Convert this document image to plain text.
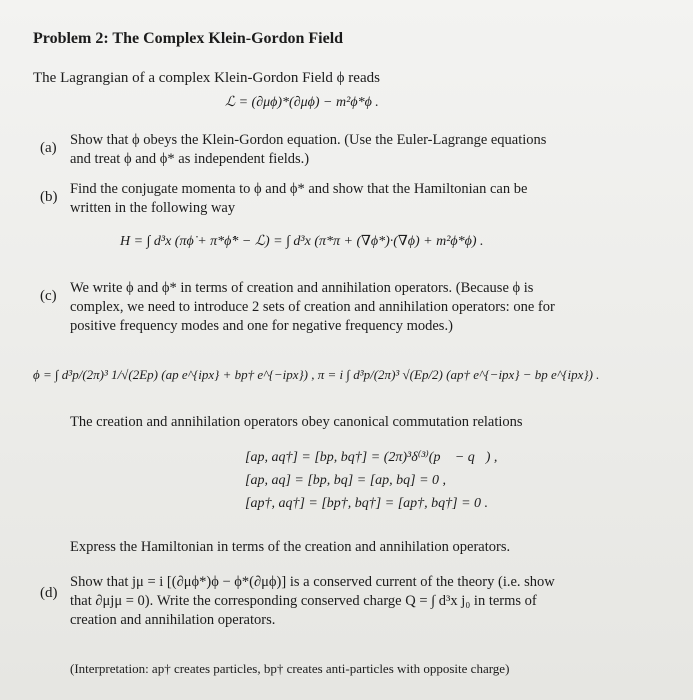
Problem 2: The Complex Klein-Gordon Field
The Lagrangian of a complex Klein-Gordon Field ϕ reads
ℒ = (∂μϕ)*(∂μϕ) − m²ϕ*ϕ .
(a) Show that ϕ obeys the Klein-Gordon equation. (Use the Euler-Lagrange equations
and treat ϕ and ϕ* as independent fields.)
(b) Find the conjugate momenta to ϕ and ϕ* and show that the Hamiltonian can be
written in the following way
H = ∫ d³x (πϕ̇ + π*ϕ̇* − ℒ) = ∫ d³x (π*π + (∇ϕ*)·(∇ϕ) + m²ϕ*ϕ) .
(c) We write ϕ and ϕ* in terms of creation and annihilation operators. (Because ϕ is
complex, we need to introduce 2 sets of creation and annihilation operators: one for
positive frequency modes and one for negative frequency modes.)
ϕ = ∫ d³p/(2π)³ 1/√(2Ep) (ap e^{ipx} + bp† e^{−ipx}) , π = i ∫ d³p/(2π)³ √(Ep/2) (ap† e^{−ipx} − bp e^{ipx}) .
The creation and annihilation operators obey canonical commutation relations
[ap, aq†] = [bp, bq†] = (2π)³δ⁽³⁾(p⃗ − q⃗) ,
[ap, aq] = [bp, bq] = [ap, bq] = 0 ,
[ap†, aq†] = [bp†, bq†] = [ap†, bq†] = 0 .
Express the Hamiltonian in terms of the creation and annihilation operators.
(d)
Show that jμ = i [(∂μϕ*)ϕ − ϕ*(∂μϕ)] is a conserved current of the theory (i.e. show
that ∂μjμ = 0). Write the corresponding conserved charge Q = ∫ d³x j₀ in terms of
creation and annihilation operators.
(Interpretation: ap† creates particles, bp† creates anti-particles with opposite charge)
